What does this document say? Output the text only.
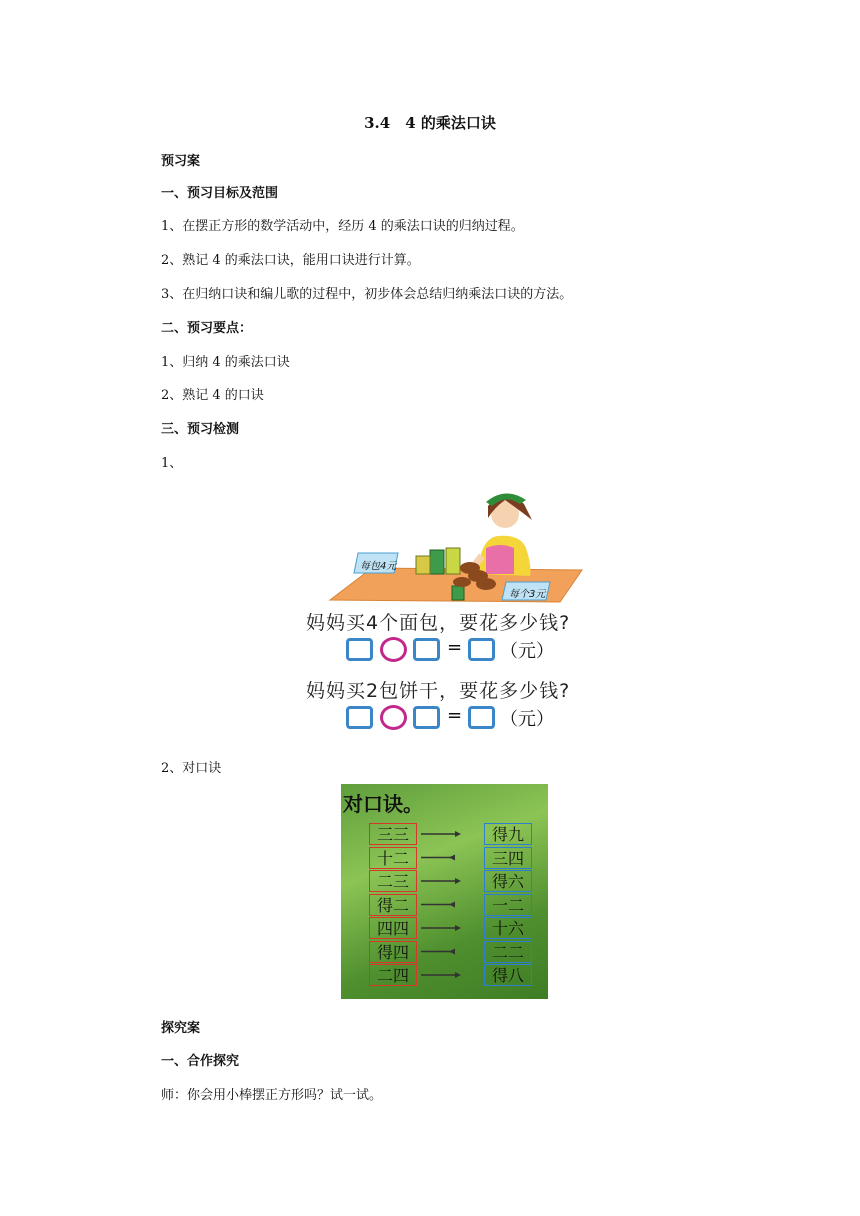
3.4　4 的乘法口诀
预习案
一、预习目标及范围
1、在摆正方形的数学活动中，经历 4 的乘法口诀的归纳过程。
2、熟记 4 的乘法口诀，能用口诀进行计算。
3、在归纳口诀和编儿歌的过程中，初步体会总结归纳乘法口诀的方法。
二、预习要点：
1、归纳 4 的乘法口诀
2、熟记 4 的口诀
三、预习检测
1、
每包4元
每个3元
妈妈买4个面包，要花多少钱?
= （元）
妈妈买2包饼干，要花多少钱?
= （元）
2、对口诀
对口诀。
三三	得九
十二	三四
二三	得六
得二	一二
四四	十六
得四	二二
二四	得八
探究案
一、合作探究
师：你会用小棒摆正方形吗？试一试。
